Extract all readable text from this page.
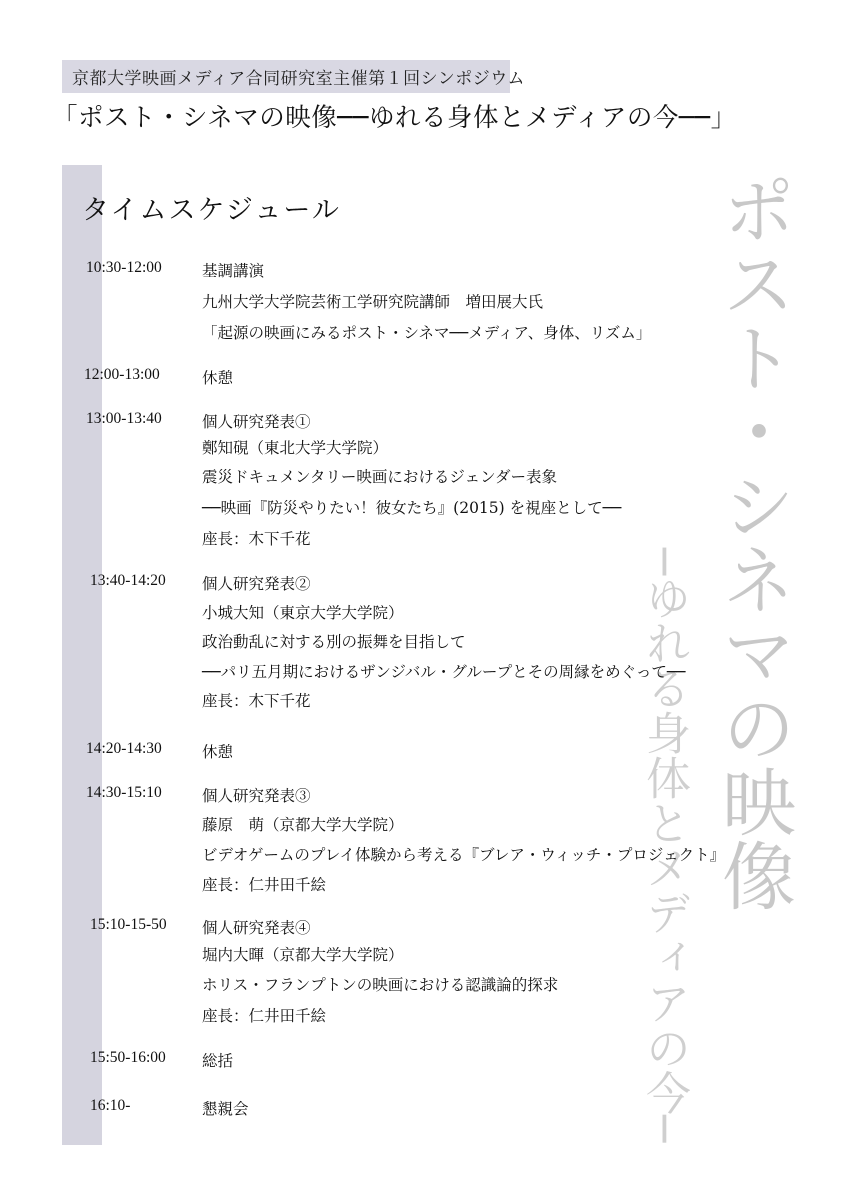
京都大学映画メディア合同研究室主催第１回シンポジウム
「ポスト・シネマの映像──ゆれる身体とメディアの今──」
ポスト・シネマの映像
─ゆれる身体とメディアの今─
タイムスケジュール
10:30-12:00	基調講演
九州大学大学院芸術工学研究院講師　増田展大氏
「起源の映画にみるポスト・シネマ──メディア、身体、リズム」
12:00-13:00	休憩
13:00-13:40	個人研究発表①
鄭知硯（東北大学大学院）
震災ドキュメンタリー映画におけるジェンダー表象
──映画『防災やりたい！彼女たち』(2015) を視座として──
座長：木下千花
13:40-14:20 個人研究発表②
小城大知（東京大学大学院）
政治動乱に対する別の振舞を目指して
──パリ五月期におけるザンジバル・グループとその周縁をめぐって──
座長：木下千花
14:20-14:30	休憩
14:30-15:10	個人研究発表③
藤原　萌（京都大学大学院）
ビデオゲームのプレイ体験から考える『ブレア・ウィッチ・プロジェクト』
座長：仁井田千絵
15:10-15-50 個人研究発表④
堀内大暉（京都大学大学院）
ホリス・フランプトンの映画における認識論的探求
座長：仁井田千絵
15:50-16:00 総括
16:10-	懇親会
